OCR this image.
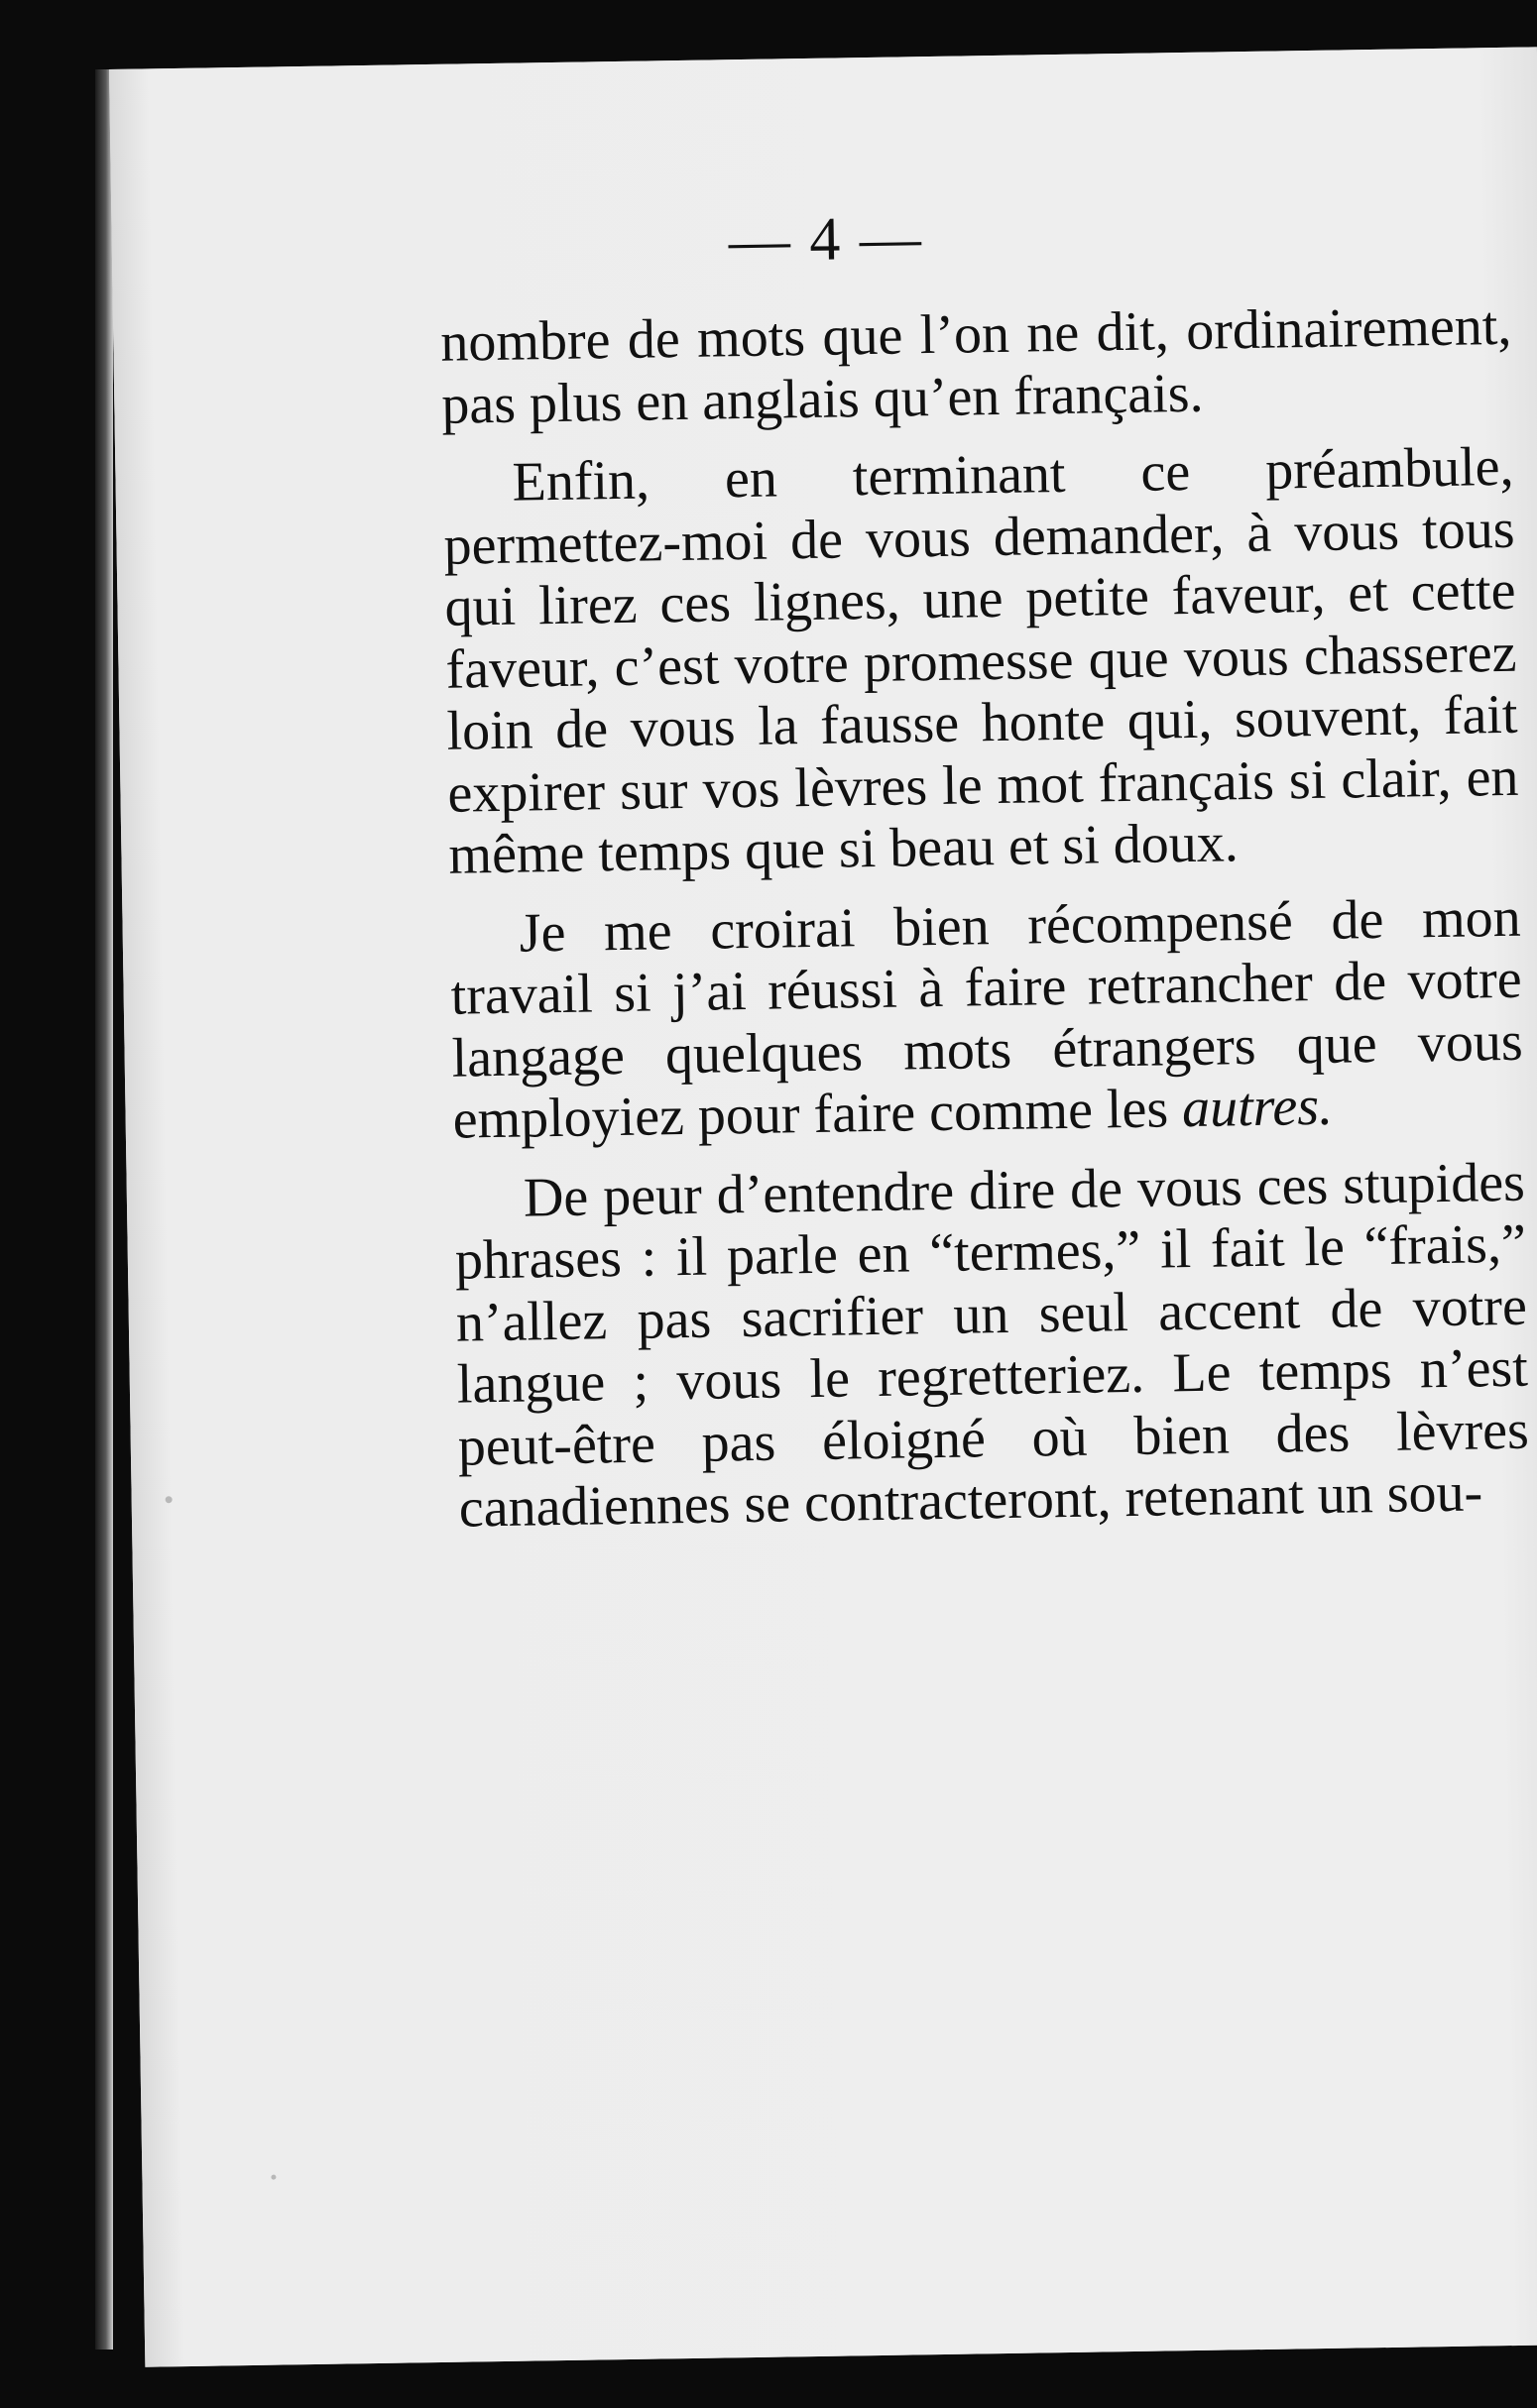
— 4 —

nombre de mots que l’on ne dit, ordinairement, pas plus en anglais qu’en français.

Enfin, en terminant ce préambule, permettez-moi de vous demander, à vous tous qui lirez ces lignes, une petite faveur, et cette faveur, c’est votre promesse que vous chasserez loin de vous la fausse honte qui, souvent, fait expirer sur vos lèvres le mot français si clair, en même temps que si beau et si doux.

Je me croirai bien récompensé de mon travail si j’ai réussi à faire retrancher de votre langage quelques mots étrangers que vous employiez pour faire comme les autres.

De peur d’entendre dire de vous ces stupides phrases : il parle en “termes,” il fait le “frais,” n’allez pas sacrifier un seul accent de votre langue ; vous le regretteriez. Le temps n’est peut-être pas éloigné où bien des lèvres canadiennes se contracteront, retenant un sou-
